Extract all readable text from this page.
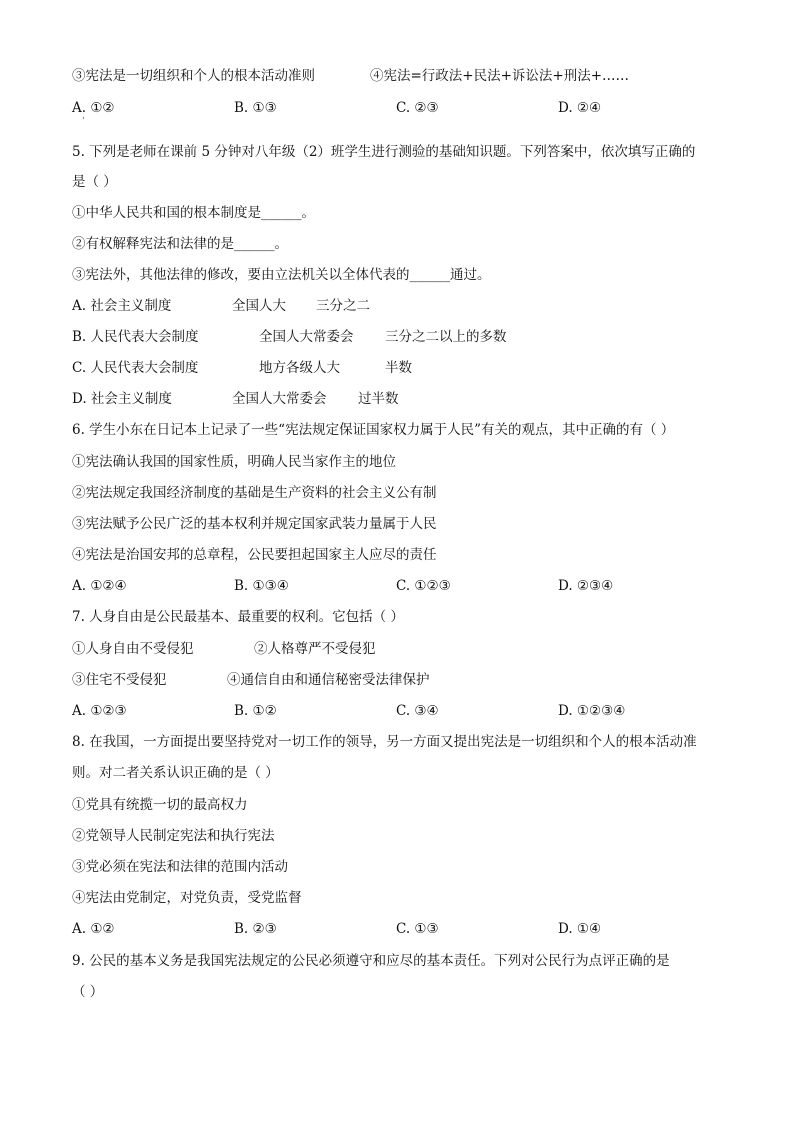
③宪法是一切组织和个人的根本活动准则	④宪法=行政法+民法+诉讼法+刑法+……
A. ①②	B. ①③	C. ②③	D. ②④
·
5. 下列是老师在课前 5 分钟对八年级（2）班学生进行测验的基础知识题。下列答案中，依次填写正确的
是（ ）
①中华人民共和国的根本制度是______。
②有权解释宪法和法律的是______。
③宪法外，其他法律的修改，要由立法机关以全体代表的______通过。
A. 社会主义制度	全国人大 三分之二
B. 人民代表大会制度	全国人大常委会 三分之二以上的多数
C. 人民代表大会制度	地方各级人大	半数
D. 社会主义制度	全国人大常委会 过半数
6. 学生小东在日记本上记录了一些“宪法规定保证国家权力属于人民”有关的观点，其中正确的有（ ）
①宪法确认我国的国家性质，明确人民当家作主的地位
②宪法规定我国经济制度的基础是生产资料的社会主义公有制
③宪法赋予公民广泛的基本权利并规定国家武装力量属于人民
④宪法是治国安邦的总章程，公民要担起国家主人应尽的责任
A. ①②④	B. ①③④	C. ①②③	D. ②③④
7. 人身自由是公民最基本、最重要的权利。它包括（ ）
①人身自由不受侵犯	②人格尊严不受侵犯
③住宅不受侵犯	④通信自由和通信秘密受法律保护
A. ①②③	B. ①②	C. ③④	D. ①②③④
8. 在我国，一方面提出要坚持党对一切工作的领导，另一方面又提出宪法是一切组织和个人的根本活动准
则。对二者关系认识正确的是（ ）
①党具有统揽一切的最高权力
②党领导人民制定宪法和执行宪法
③党必须在宪法和法律的范围内活动
④宪法由党制定，对党负责，受党监督
A. ①②	B. ②③	C. ①③	D. ①④
9. 公民的基本义务是我国宪法规定的公民必须遵守和应尽的基本责任。下列对公民行为点评正确的是
（ ）
